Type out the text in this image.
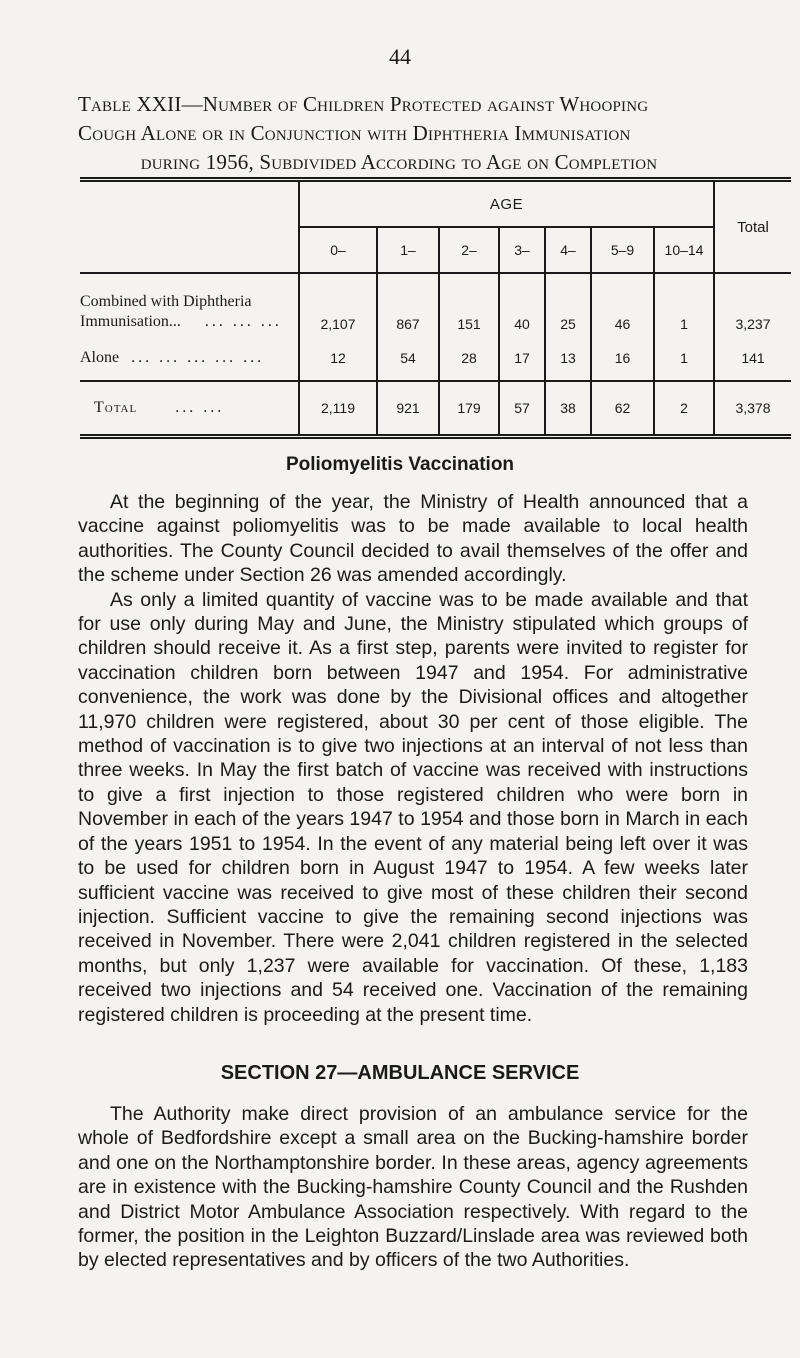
44
Table XXII—Number of Children Protected against Whooping
Cough Alone or in Conjunction with Diphtheria Immunisation
during 1956, Subdivided According to Age on Completion
	AGE							Total
	0–	1–	2–	3–	4–	5–9	10–14	
Combined with Diphtheria
Immunisation... ... ... ...	2,107	867	151	40	25	46	1	3,237
Alone ... ... ... ... ...	12	54	28	17	13	16	1	141
Total ... ...	2,119	921	179	57	38	62	2	3,378
Poliomyelitis Vaccination

At the beginning of the year, the Ministry of Health announced that a vaccine against poliomyelitis was to be made available to local health authorities. The County Council decided to avail themselves of the offer and the scheme under Section 26 was amended accordingly.

As only a limited quantity of vaccine was to be made available and that for use only during May and June, the Ministry stipulated which groups of children should receive it. As a first step, parents were invited to register for vaccination children born between 1947 and 1954. For administrative convenience, the work was done by the Divisional offices and altogether 11,970 children were registered, about 30 per cent of those eligible. The method of vaccination is to give two injections at an interval of not less than three weeks. In May the first batch of vaccine was received with instructions to give a first injection to those registered children who were born in November in each of the years 1947 to 1954 and those born in March in each of the years 1951 to 1954. In the event of any material being left over it was to be used for children born in August 1947 to 1954. A few weeks later sufficient vaccine was received to give most of these children their second injection. Sufficient vaccine to give the remaining second injections was received in November. There were 2,041 children registered in the selected months, but only 1,237 were available for vaccination. Of these, 1,183 received two injections and 54 received one. Vaccination of the remaining registered children is proceeding at the present time.

SECTION 27—AMBULANCE SERVICE

The Authority make direct provision of an ambulance service for the whole of Bedfordshire except a small area on the Bucking-hamshire border and one on the Northamptonshire border. In these areas, agency agreements are in existence with the Bucking-hamshire County Council and the Rushden and District Motor Ambulance Association respectively. With regard to the former, the position in the Leighton Buzzard/Linslade area was reviewed both by elected representatives and by officers of the two Authorities.
